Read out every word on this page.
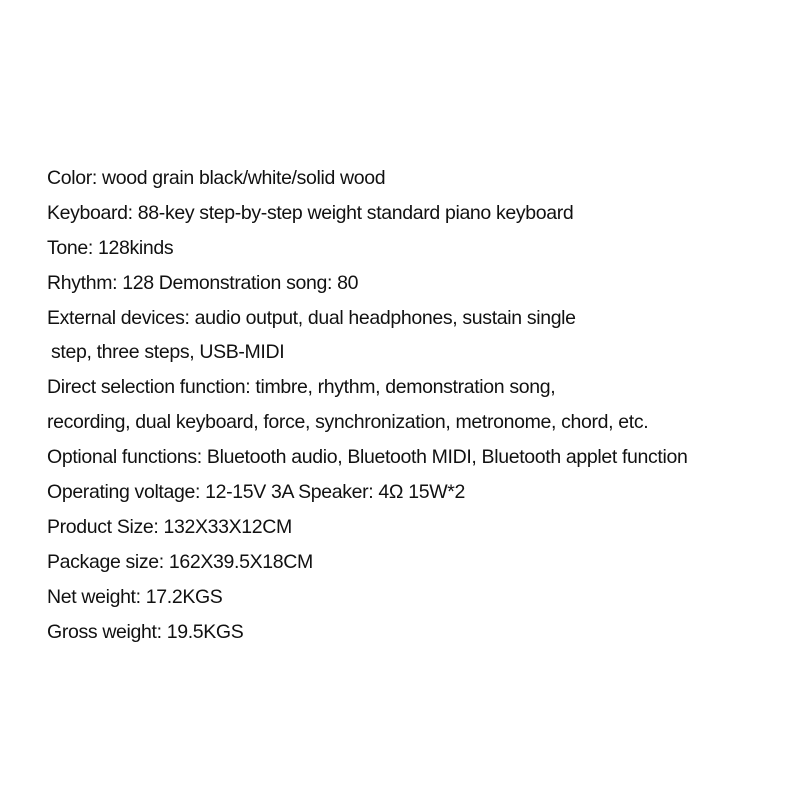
Color: wood grain black/white/solid wood
Keyboard: 88-key step-by-step weight standard piano keyboard
Tone: 128kinds
Rhythm: 128 Demonstration song: 80
External devices: audio output, dual headphones, sustain single
step, three steps, USB-MIDI
Direct selection function: timbre, rhythm, demonstration song,
recording, dual keyboard, force, synchronization, metronome, chord, etc.
Optional functions: Bluetooth audio, Bluetooth MIDI, Bluetooth applet function
Operating voltage: 12-15V 3A Speaker: 4Ω 15W*2
Product Size: 132X33X12CM
Package size: 162X39.5X18CM
Net weight: 17.2KGS
Gross weight: 19.5KGS
